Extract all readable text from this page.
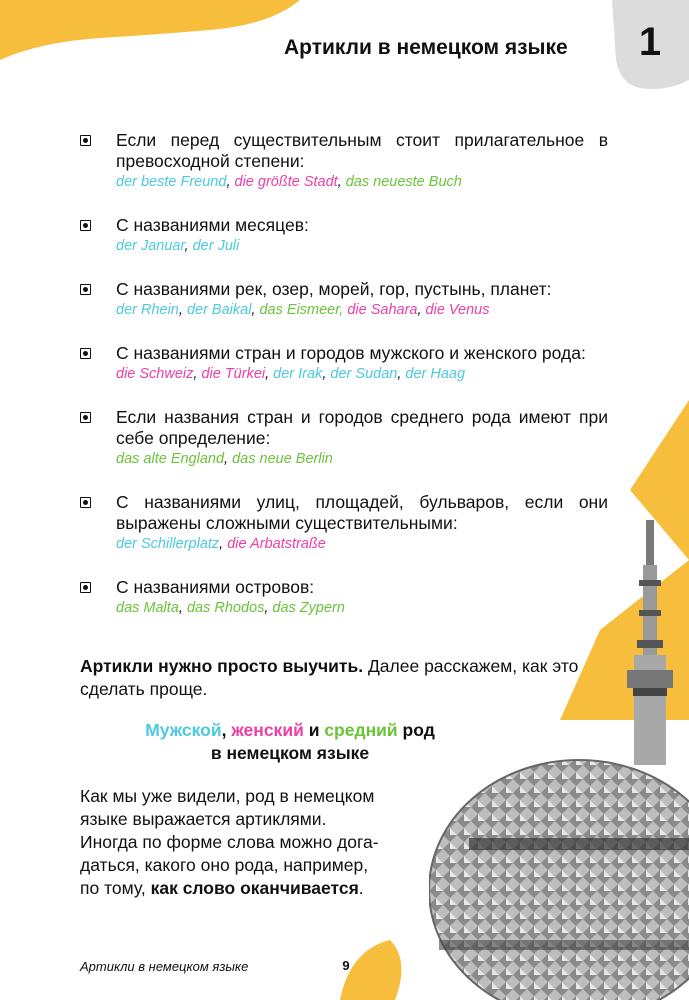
Артикли в немецком языке	1
Если перед существительным стоит прилагательное в превосходной степени:
der beste Freund, die größte Stadt, das neueste Buch
С названиями месяцев:
der Januar, der Juli
С названиями рек, озер, морей, гор, пустынь, планет:
der Rhein, der Baikal, das Eismeer, die Sahara, die Venus
С названиями стран и городов мужского и женского рода:
die Schweiz, die Türkei, der Irak, der Sudan, der Haag
Если названия стран и городов среднего рода имеют при себе определение:
das alte England, das neue Berlin
С названиями улиц, площадей, бульваров, если они выражены сложными существительными:
der Schillerplatz, die Arbatstraße
С названиями островов:
das Malta, das Rhodos, das Zypern
Артикли нужно просто выучить. Далее расскажем, как это сделать проще.
Мужской, женский и средний род
в немецком языке
Как мы уже видели, род в немецком
языке выражается артиклями.
Иногда по форме слова можно дога-
даться, какого оно рода, например,
по тому, как слово оканчивается.
Артикли в немецком языке	9
